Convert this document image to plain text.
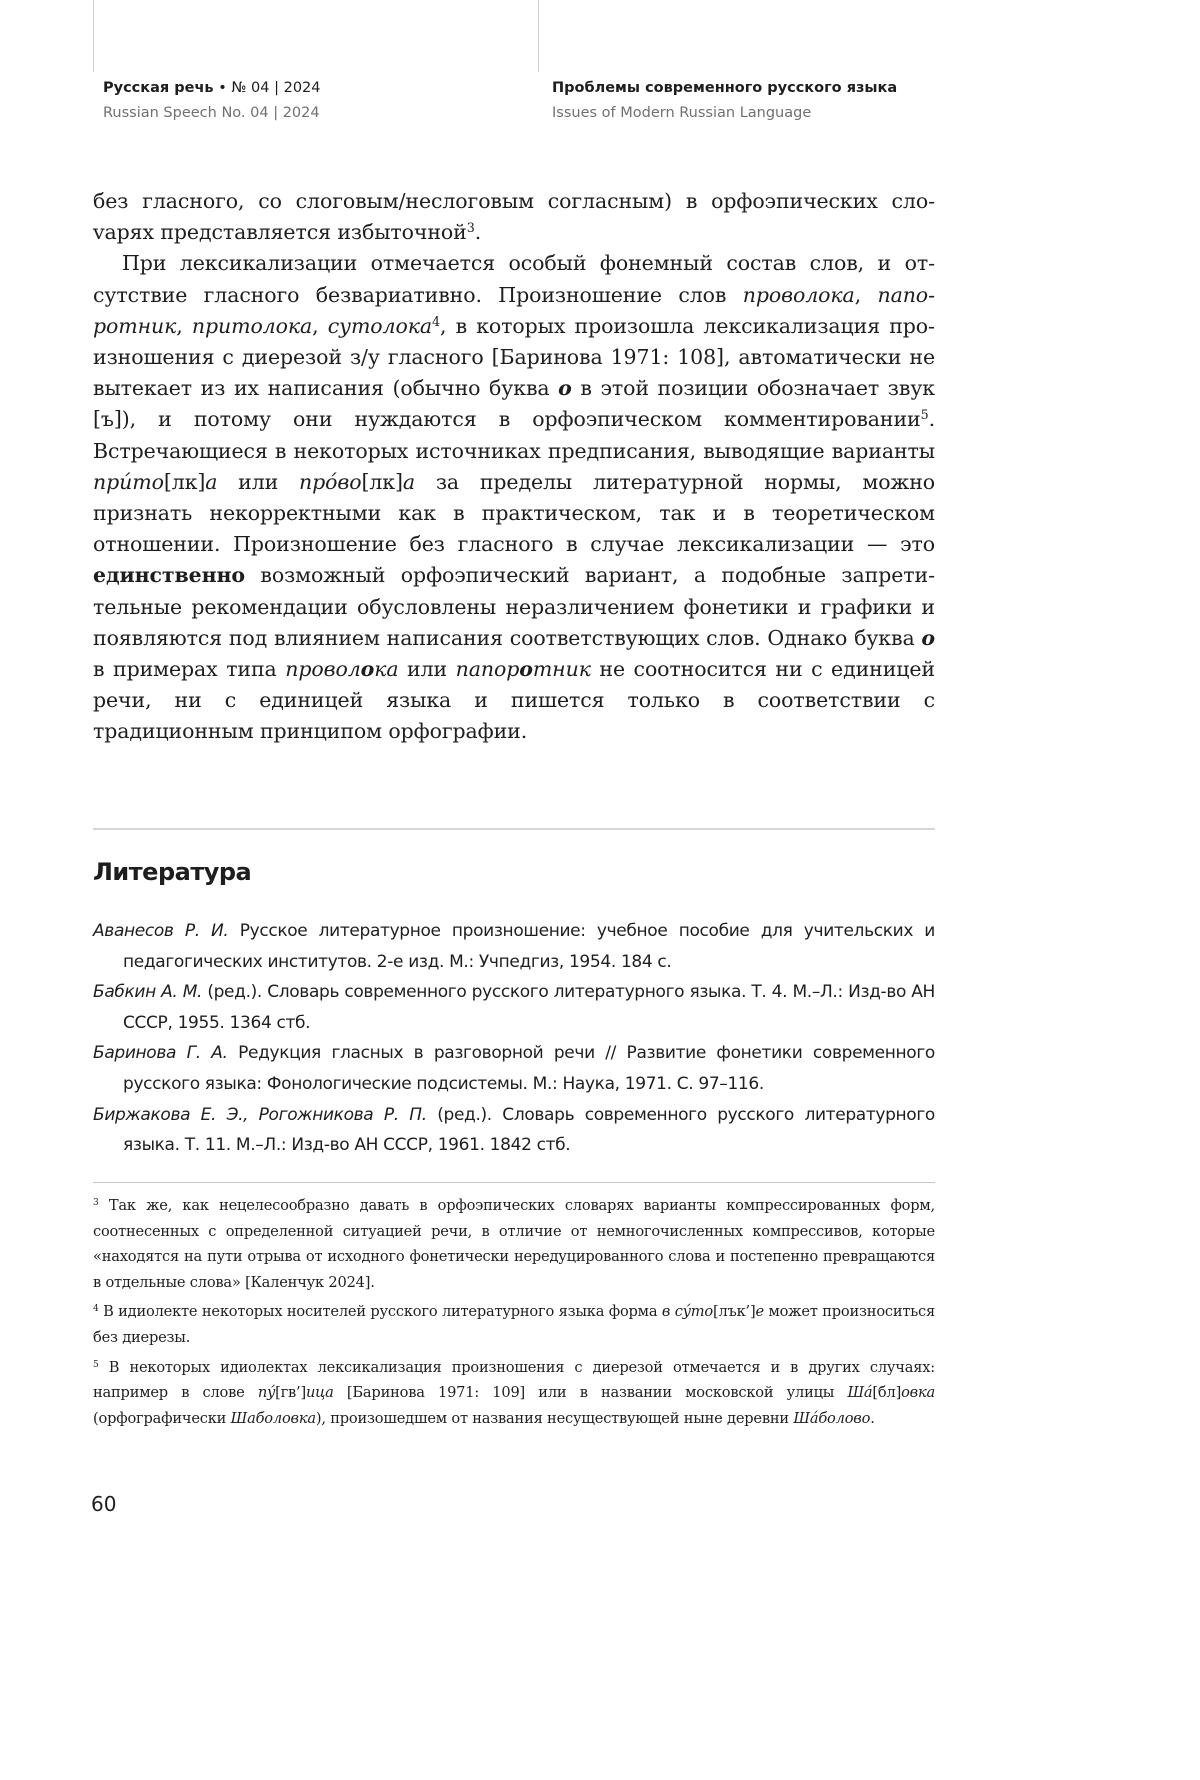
Русская речь • № 04 | 2024
Russian Speech No. 04 | 2024
Проблемы современного русского языка
Issues of Modern Russian Language

без гласного, со слоговым/неслоговым согласным) в орфоэпических слоvарях представляется избыточной$^3$.

При лексикализации отмечается особый фонемный состав слов, и отсутствие гласного безвариативно. Произношение слов проволока, папоротник, притолока, сутолока$^4$, в которых произошла лексикализация произношения с диерезой з/у гласного [Баринова 1971: 108], автоматически не вытекает из их написания (обычно буква о в этой позиции обозначает звук [ъ]), и потому они нуждаются в орфоэпическом комментировании$^5$. Встречающиеся в некоторых источниках предписания, выводящие варианты прúто[лк]а или прóво[лк]а за пределы литературной нормы, можно признать некорректными как в практическом, так и в теоретическом отношении. Произношение без гласного в случае лексикализации — это единственно возможный орфоэпический вариант, а подобные запретительные рекомендации обусловлены неразличением фонетики и графики и появляются под влиянием написания соответствующих слов. Однако буква о в примерах типа проволока или папоротник не соотносится ни с единицей речи, ни с единицей языка и пишется только в соответствии с традиционным принципом орфографии.

Литература

Аванесов Р. И. Русское литературное произношение: учебное пособие для учительских и педагогических институтов. 2-е изд. М.: Учпедгиз, 1954. 184 с.

Бабкин А. М. (ред.). Словарь современного русского литературного языка. Т. 4. М.–Л.: Изд-во АН СССР, 1955. 1364 стб.

Баринова Г. А. Редукция гласных в разговорной речи // Развитие фонетики современного русского языка: Фонологические подсистемы. М.: Наука, 1971. С. 97–116.

Биржакова Е. Э., Рогожникова Р. П. (ред.). Словарь современного русского литературного языка. Т. 11. М.–Л.: Изд-во АН СССР, 1961. 1842 стб.

$^3$ Так же, как нецелесообразно давать в орфоэпических словарях варианты компрессированных форм, соотнесенных с определенной ситуацией речи, в отличие от немногочисленных компрессивов, которые «находятся на пути отрыва от исходного фонетически нередуцированного слова и постепенно превращаются в отдельные слова» [Каленчук 2024].

$^4$ В идиолекте некоторых носителей русского литературного языка форма в сýто[лък’]е может произноситься без диерезы.

$^5$ В некоторых идиолектах лексикализация произношения с диерезой отмечается и в других случаях: например в слове пý[гв’]ица [Баринова 1971: 109] или в названии московской улицы Шá[бл]овка (орфографически Шаболовка), произошедшем от названия несуществующей ныне деревни Шáболово.

60
